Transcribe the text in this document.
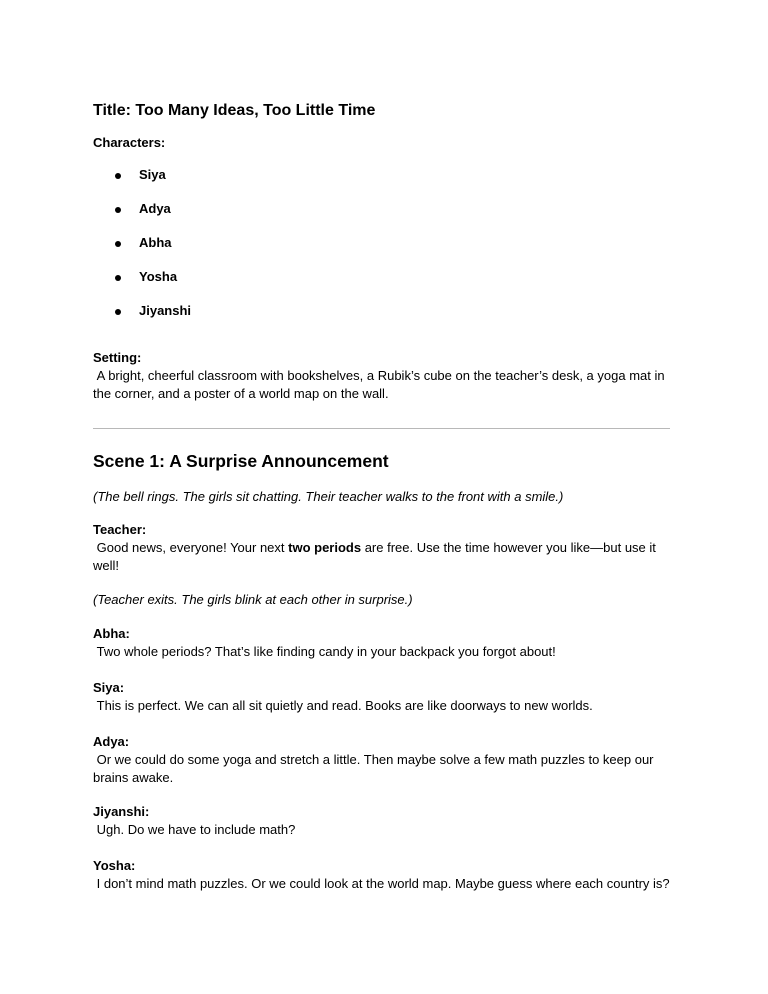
Title: Too Many Ideas, Too Little Time
Characters:
Siya
Adya
Abha
Yosha
Jiyanshi
Setting:
A bright, cheerful classroom with bookshelves, a Rubik’s cube on the teacher’s desk, a yoga mat in the corner, and a poster of a world map on the wall.
Scene 1: A Surprise Announcement
(The bell rings. The girls sit chatting. Their teacher walks to the front with a smile.)
Teacher:
Good news, everyone! Your next two periods are free. Use the time however you like—but use it well!
(Teacher exits. The girls blink at each other in surprise.)
Abha:
Two whole periods? That’s like finding candy in your backpack you forgot about!
Siya:
This is perfect. We can all sit quietly and read. Books are like doorways to new worlds.
Adya:
Or we could do some yoga and stretch a little. Then maybe solve a few math puzzles to keep our brains awake.
Jiyanshi:
Ugh. Do we have to include math?
Yosha:
I don’t mind math puzzles. Or we could look at the world map. Maybe guess where each country is?
